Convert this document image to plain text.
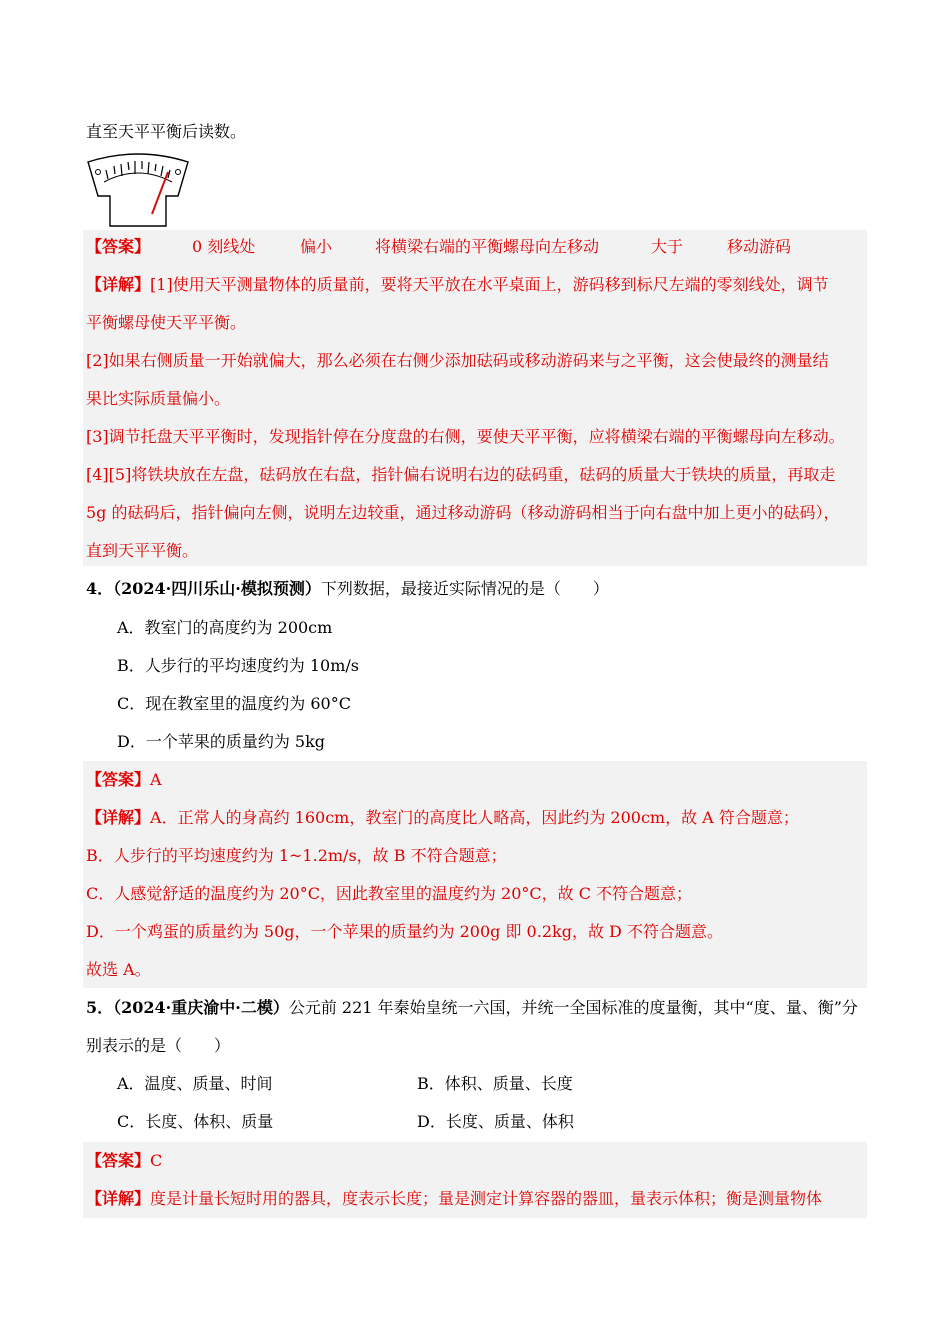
直至天平平衡后读数。
【答案】	0 刻线处	偏小	将横梁右端的平衡螺母向左移动	大于	移动游码
【详解】[1]使用天平测量物体的质量前，要将天平放在水平桌面上，游码移到标尺左端的零刻线处，调节
平衡螺母使天平平衡。
[2]如果右侧质量一开始就偏大，那么必须在右侧少添加砝码或移动游码来与之平衡，这会使最终的测量结
果比实际质量偏小。
[3]调节托盘天平平衡时，发现指针停在分度盘的右侧，要使天平平衡，应将横梁右端的平衡螺母向左移动。
[4][5]将铁块放在左盘，砝码放在右盘，指针偏右说明右边的砝码重，砝码的质量大于铁块的质量，再取走
5g 的砝码后，指针偏向左侧，说明左边较重，通过移动游码（移动游码相当于向右盘中加上更小的砝码），
直到天平平衡。
4．（2024·四川乐山·模拟预测）下列数据，最接近实际情况的是（　　）
A．教室门的高度约为 200cm
B．人步行的平均速度约为 10m/s
C．现在教室里的温度约为 60°C
D．一个苹果的质量约为 5kg
【答案】A
【详解】A．正常人的身高约 160cm，教室门的高度比人略高，因此约为 200cm，故 A 符合题意；
B．人步行的平均速度约为 1~1.2m/s，故 B 不符合题意；
C．人感觉舒适的温度约为 20°C，因此教室里的温度约为 20°C，故 C 不符合题意；
D．一个鸡蛋的质量约为 50g，一个苹果的质量约为 200g 即 0.2kg，故 D 不符合题意。
故选 A。
5．（2024·重庆渝中·二模）公元前 221 年秦始皇统一六国，并统一全国标准的度量衡，其中“度、量、衡”分
别表示的是（　　）
A．温度、质量、时间	B．体积、质量、长度
C．长度、体积、质量	D．长度、质量、体积
【答案】C
【详解】度是计量长短时用的器具，度表示长度；量是测定计算容器的器皿，量表示体积；衡是测量物体
